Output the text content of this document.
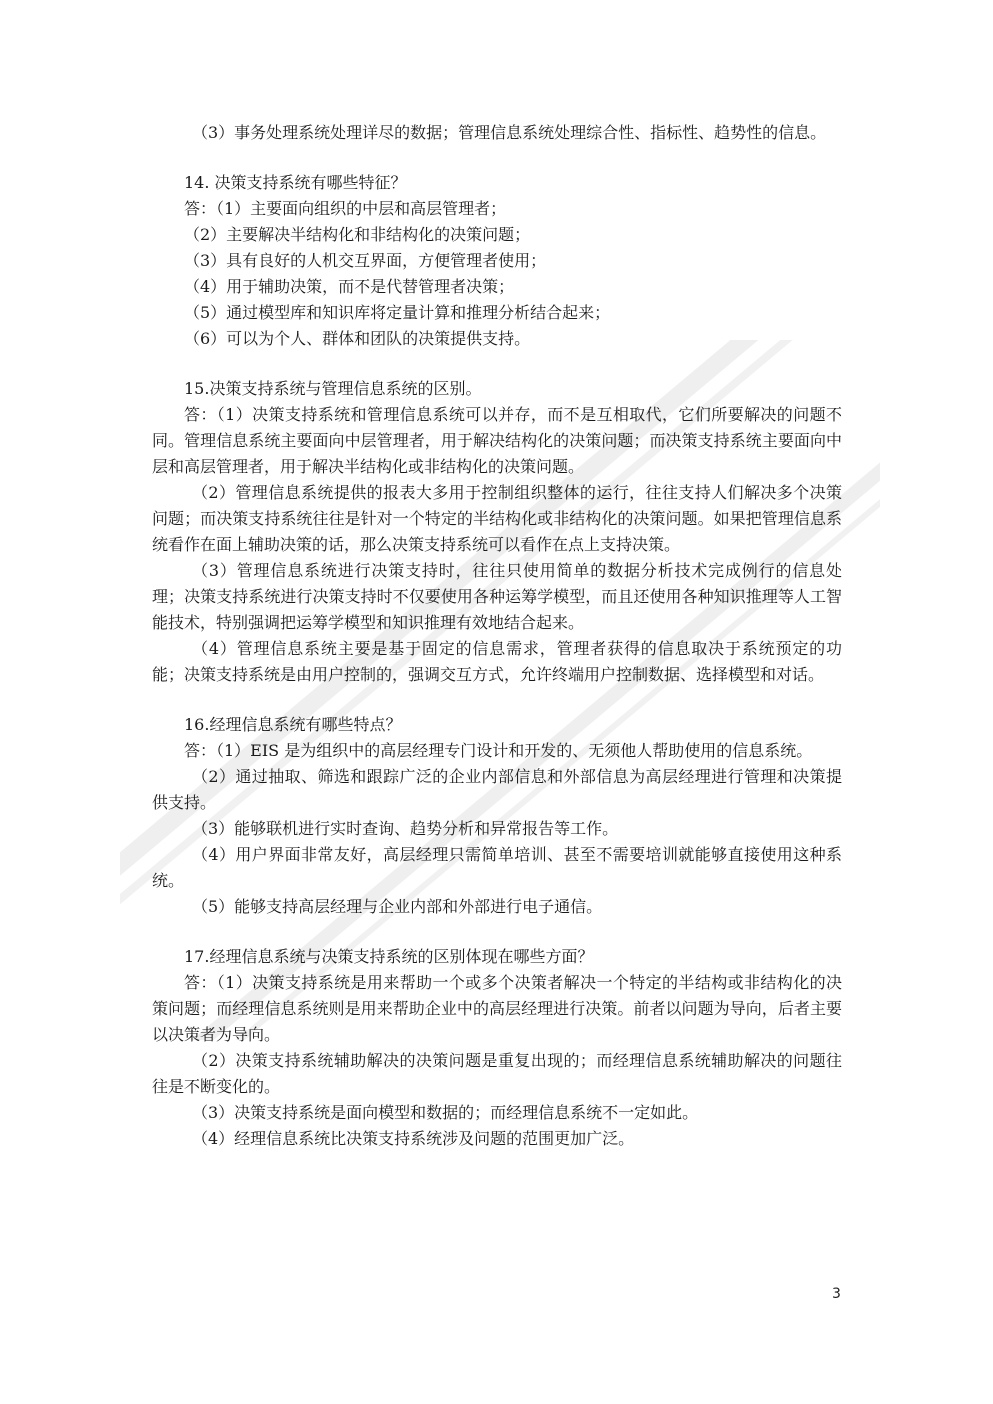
（3）事务处理系统处理详尽的数据；管理信息系统处理综合性、指标性、趋势性的信息。

14. 决策支持系统有哪些特征？

答：（1）主要面向组织的中层和高层管理者；

（2）主要解决半结构化和非结构化的决策问题；

（3）具有良好的人机交互界面，方便管理者使用；

（4）用于辅助决策，而不是代替管理者决策；

（5）通过模型库和知识库将定量计算和推理分析结合起来；

（6）可以为个人、群体和团队的决策提供支持。

15.决策支持系统与管理信息系统的区别。

答：（1）决策支持系统和管理信息系统可以并存，而不是互相取代，它们所要解决的问题不同。管理信息系统主要面向中层管理者，用于解决结构化的决策问题；而决策支持系统主要面向中层和高层管理者，用于解决半结构化或非结构化的决策问题。

（2）管理信息系统提供的报表大多用于控制组织整体的运行，往往支持人们解决多个决策问题；而决策支持系统往往是针对一个特定的半结构化或非结构化的决策问题。如果把管理信息系统看作在面上辅助决策的话，那么决策支持系统可以看作在点上支持决策。

（3）管理信息系统进行决策支持时，往往只使用简单的数据分析技术完成例行的信息处理；决策支持系统进行决策支持时不仅要使用各种运筹学模型，而且还使用各种知识推理等人工智能技术，特别强调把运筹学模型和知识推理有效地结合起来。

（4）管理信息系统主要是基于固定的信息需求，管理者获得的信息取决于系统预定的功能；决策支持系统是由用户控制的，强调交互方式，允许终端用户控制数据、选择模型和对话。

16.经理信息系统有哪些特点？

答：（1）EIS 是为组织中的高层经理专门设计和开发的、无须他人帮助使用的信息系统。

（2）通过抽取、筛选和跟踪广泛的企业内部信息和外部信息为高层经理进行管理和决策提供支持。

（3）能够联机进行实时查询、趋势分析和异常报告等工作。

（4）用户界面非常友好，高层经理只需简单培训、甚至不需要培训就能够直接使用这种系统。

（5）能够支持高层经理与企业内部和外部进行电子通信。

17.经理信息系统与决策支持系统的区别体现在哪些方面？

答：（1）决策支持系统是用来帮助一个或多个决策者解决一个特定的半结构或非结构化的决策问题；而经理信息系统则是用来帮助企业中的高层经理进行决策。前者以问题为导向，后者主要以决策者为导向。

（2）决策支持系统辅助解决的决策问题是重复出现的；而经理信息系统辅助解决的问题往往是不断变化的。

（3）决策支持系统是面向模型和数据的；而经理信息系统不一定如此。

（4）经理信息系统比决策支持系统涉及问题的范围更加广泛。

3
